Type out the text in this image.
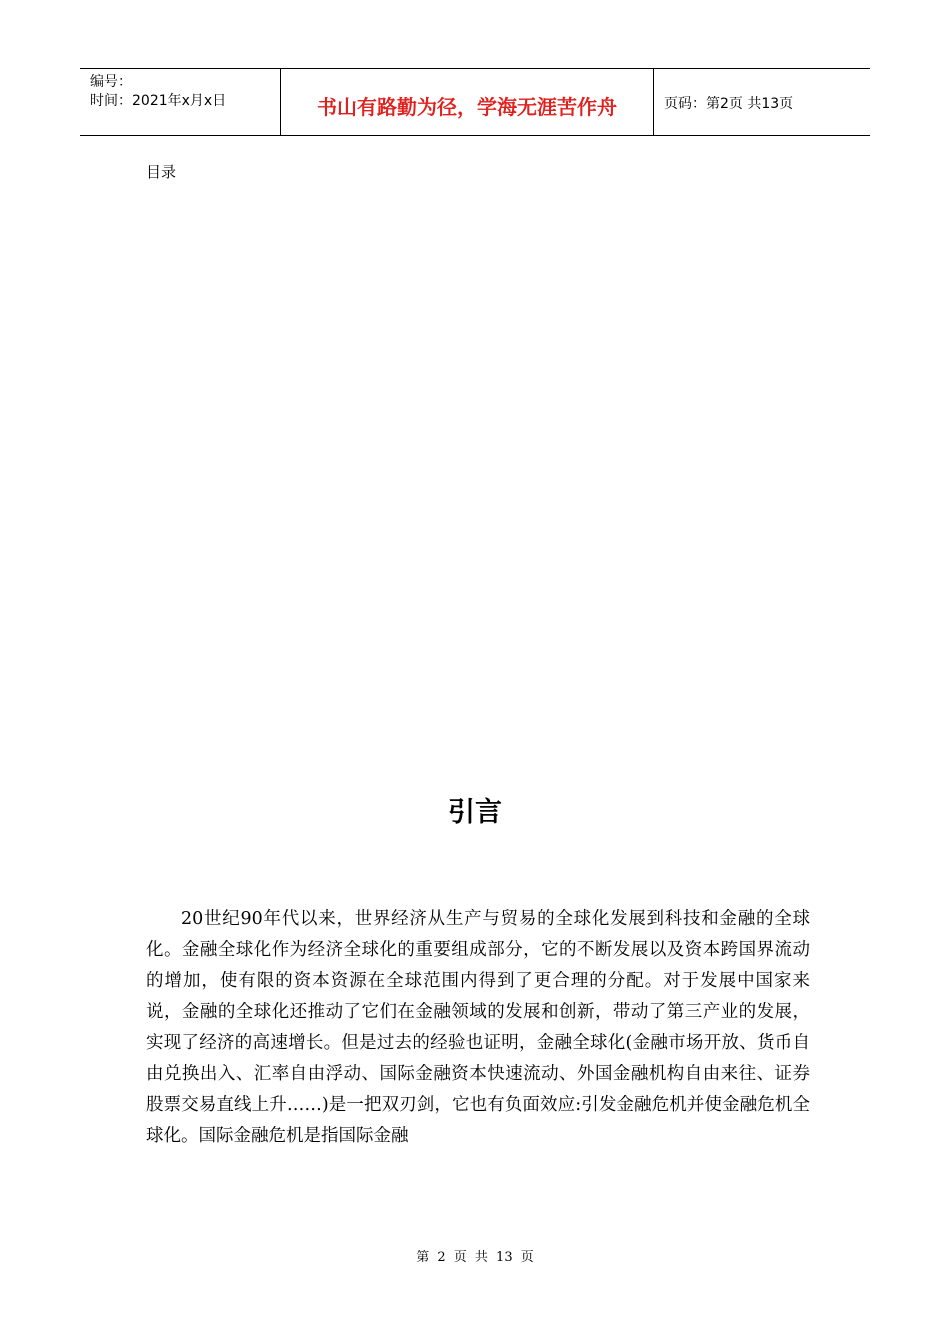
编号：
时间：2021年x月x日	书山有路勤为径，学海无涯苦作舟	页码：第2页 共13页
目录
引言

20世纪90年代以来，世界经济从生产与贸易的全球化发展到科技和金融的全球化。金融全球化作为经济全球化的重要组成部分，它的不断发展以及资本跨国界流动的增加，使有限的资本资源在全球范围内得到了更合理的分配。对于发展中国家来说，金融的全球化还推动了它们在金融领域的发展和创新，带动了第三产业的发展，实现了经济的高速增长。但是过去的经验也证明，金融全球化(金融市场开放、货币自由兑换出入、汇率自由浮动、国际金融资本快速流动、外国金融机构自由来往、证券股票交易直线上升……)是一把双刃剑，它也有负面效应:引发金融危机并使金融危机全球化。国际金融危机是指国际金融

第 2 页 共 13 页
